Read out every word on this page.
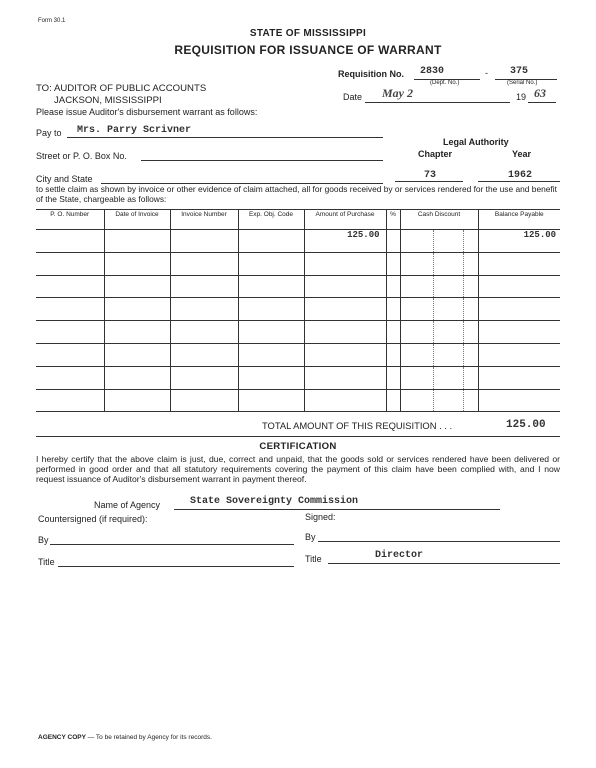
Form 30.1
STATE OF MISSISSIPPI
REQUISITION FOR ISSUANCE OF WARRANT
Requisition No. 2830	- 375
(Dept. No.)	(Serial No.)
Date May 2	19 63
TO: AUDITOR OF PUBLIC ACCOUNTS
JACKSON, MISSISSIPPI
Please issue Auditor's disbursement warrant as follows:
Pay to Mrs. Parry Scrivner
Legal Authority
Chapter	Year
Street or P. O. Box No.
City and State	73	1962
to settle claim as shown by invoice or other evidence of claim attached, all for goods received by or services rendered for the use and benefit of the State, chargeable as follows:
P. O. Number	Date of Invoice	Invoice Number	Exp. Obj. Code	Amount of Purchase	%	Cash Discount			Balance Payable
				125.00					125.00

TOTAL AMOUNT OF THIS REQUISITION . . .	125.00
CERTIFICATION
I hereby certify that the above claim is just, due, correct and unpaid, that the goods sold or services rendered have been delivered or performed in good order and that all statutory requirements covering the payment of this claim have been complied with, and I now request issuance of Auditor's disbursement warrant in payment thereof.
Name of Agency	State Sovereignty Commission
Countersigned (if required):	Signed:
By	By
Title	Title	Director
AGENCY COPY — To be retained by Agency for its records.
